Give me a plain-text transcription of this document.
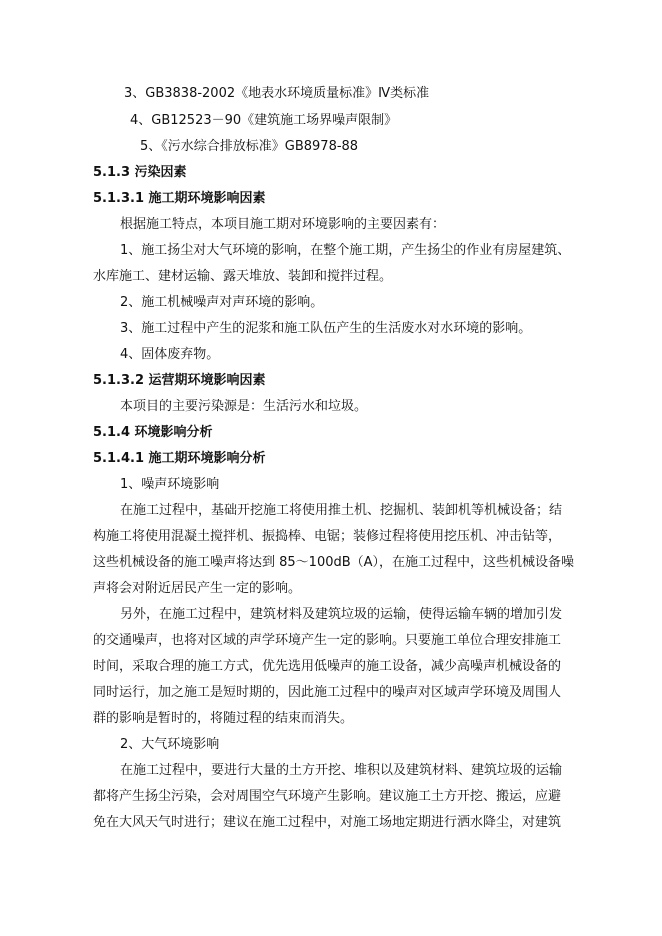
3、GB3838-2002《地表水环境质量标准》Ⅳ类标准
4、GB12523－90《建筑施工场界噪声限制》
5、《污水综合排放标准》GB8978-88
5.1.3 污染因素
5.1.3.1 施工期环境影响因素
根据施工特点，本项目施工期对环境影响的主要因素有：
1、施工扬尘对大气环境的影响，在整个施工期，产生扬尘的作业有房屋建筑、
水库施工、建材运输、露天堆放、装卸和搅拌过程。
2、施工机械噪声对声环境的影响。
3、施工过程中产生的泥浆和施工队伍产生的生活废水对水环境的影响。
4、固体废弃物。
5.1.3.2 运营期环境影响因素
本项目的主要污染源是：生活污水和垃圾。
5.1.4 环境影响分析
5.1.4.1 施工期环境影响分析
1、噪声环境影响
在施工过程中，基础开挖施工将使用推土机、挖掘机、装卸机等机械设备；结
构施工将使用混凝土搅拌机、振捣棒、电锯；装修过程将使用挖压机、冲击钻等，
这些机械设备的施工噪声将达到 85～100dB（A），在施工过程中，这些机械设备噪
声将会对附近居民产生一定的影响。
另外，在施工过程中，建筑材料及建筑垃圾的运输，使得运输车辆的增加引发
的交通噪声，也将对区域的声学环境产生一定的影响。只要施工单位合理安排施工
时间，采取合理的施工方式，优先选用低噪声的施工设备，减少高噪声机械设备的
同时运行，加之施工是短时期的，因此施工过程中的噪声对区域声学环境及周围人
群的影响是暂时的，将随过程的结束而消失。
2、大气环境影响
在施工过程中，要进行大量的土方开挖、堆积以及建筑材料、建筑垃圾的运输
都将产生扬尘污染，会对周围空气环境产生影响。建议施工土方开挖、搬运，应避
免在大风天气时进行；建议在施工过程中，对施工场地定期进行洒水降尘，对建筑
